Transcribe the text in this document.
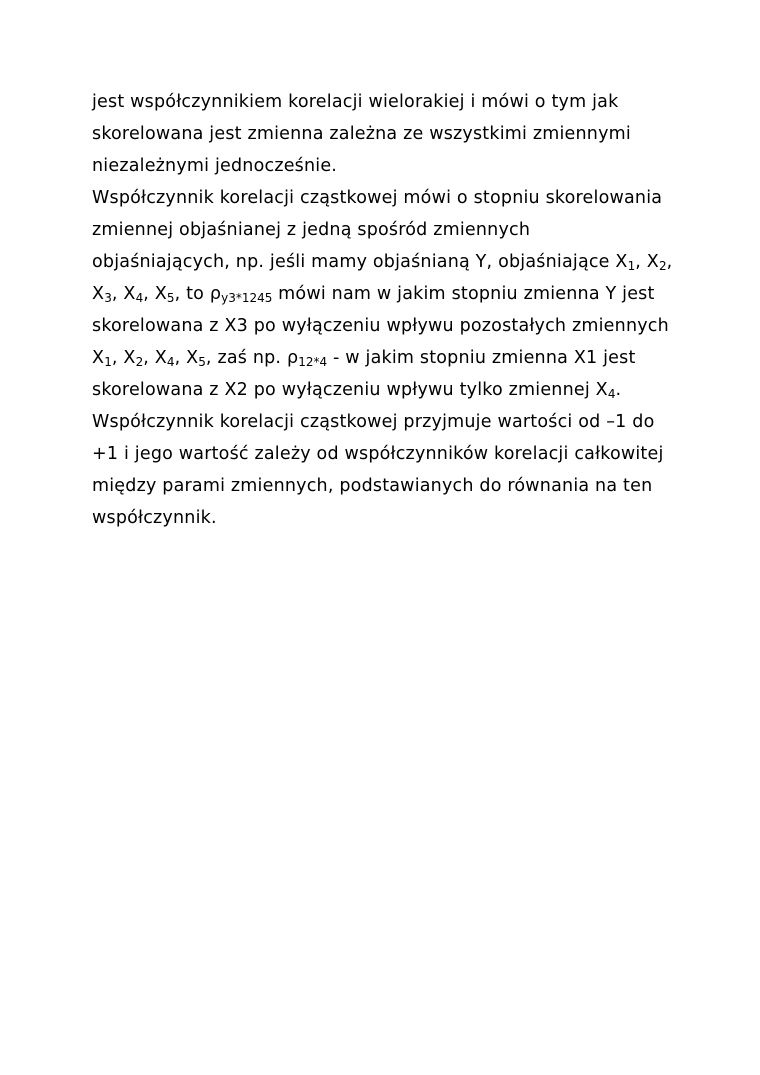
jest współczynnikiem korelacji wielorakiej i mówi o tym jak
skorelowana jest zmienna zależna ze wszystkimi zmiennymi
niezależnymi jednocześnie.
Współczynnik korelacji cząstkowej mówi o stopniu skorelowania
zmiennej objaśnianej z jedną spośród zmiennych
objaśniających, np. jeśli mamy objaśnianą Y, objaśniające $X_1$, $X_2$,
$X_3$, $X_4$, $X_5$, to $\rho_{y3*1245}$ mówi nam w jakim stopniu zmienna Y jest
skorelowana z X3 po wyłączeniu wpływu pozostałych zmiennych
$X_1$, $X_2$, $X_4$, $X_5$, zaś np. $\rho_{12*4}$ - w jakim stopniu zmienna X1 jest
skorelowana z X2 po wyłączeniu wpływu tylko zmiennej $X_4$.
Współczynnik korelacji cząstkowej przyjmuje wartości od –1 do
+1 i jego wartość zależy od współczynników korelacji całkowitej
między parami zmiennych, podstawianych do równania na ten
współczynnik.
